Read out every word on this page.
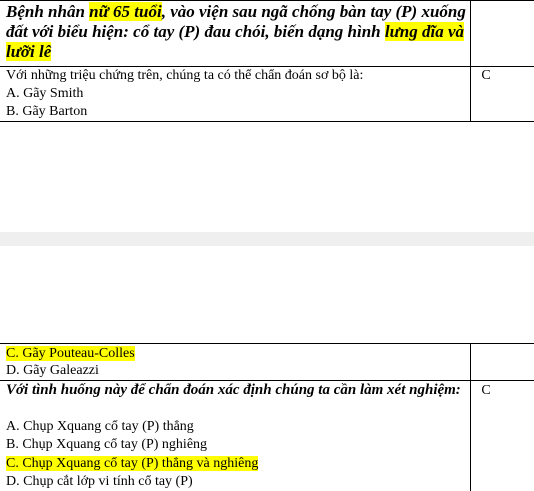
Bệnh nhân nữ 65 tuổi, vào viện sau ngã chống bàn tay (P) xuống đất với biểu hiện: cổ tay (P) đau chói, biến dạng hình lưng dĩa và lưỡi lê
Với những triệu chứng trên, chúng ta có thể chẩn đoán sơ bộ là:	C
A. Gãy Smith
B. Gãy Barton
C. Gãy Pouteau-Colles
D. Gãy Galeazzi
Với tình huống này để chẩn đoán xác định chúng ta cần làm xét nghiệm:	C
A. Chụp Xquang cổ tay (P) thẳng
B. Chụp Xquang cổ tay (P) nghiêng
C. Chụp Xquang cổ tay (P) thẳng và nghiêng
D. Chụp cắt lớp vi tính cổ tay (P)
